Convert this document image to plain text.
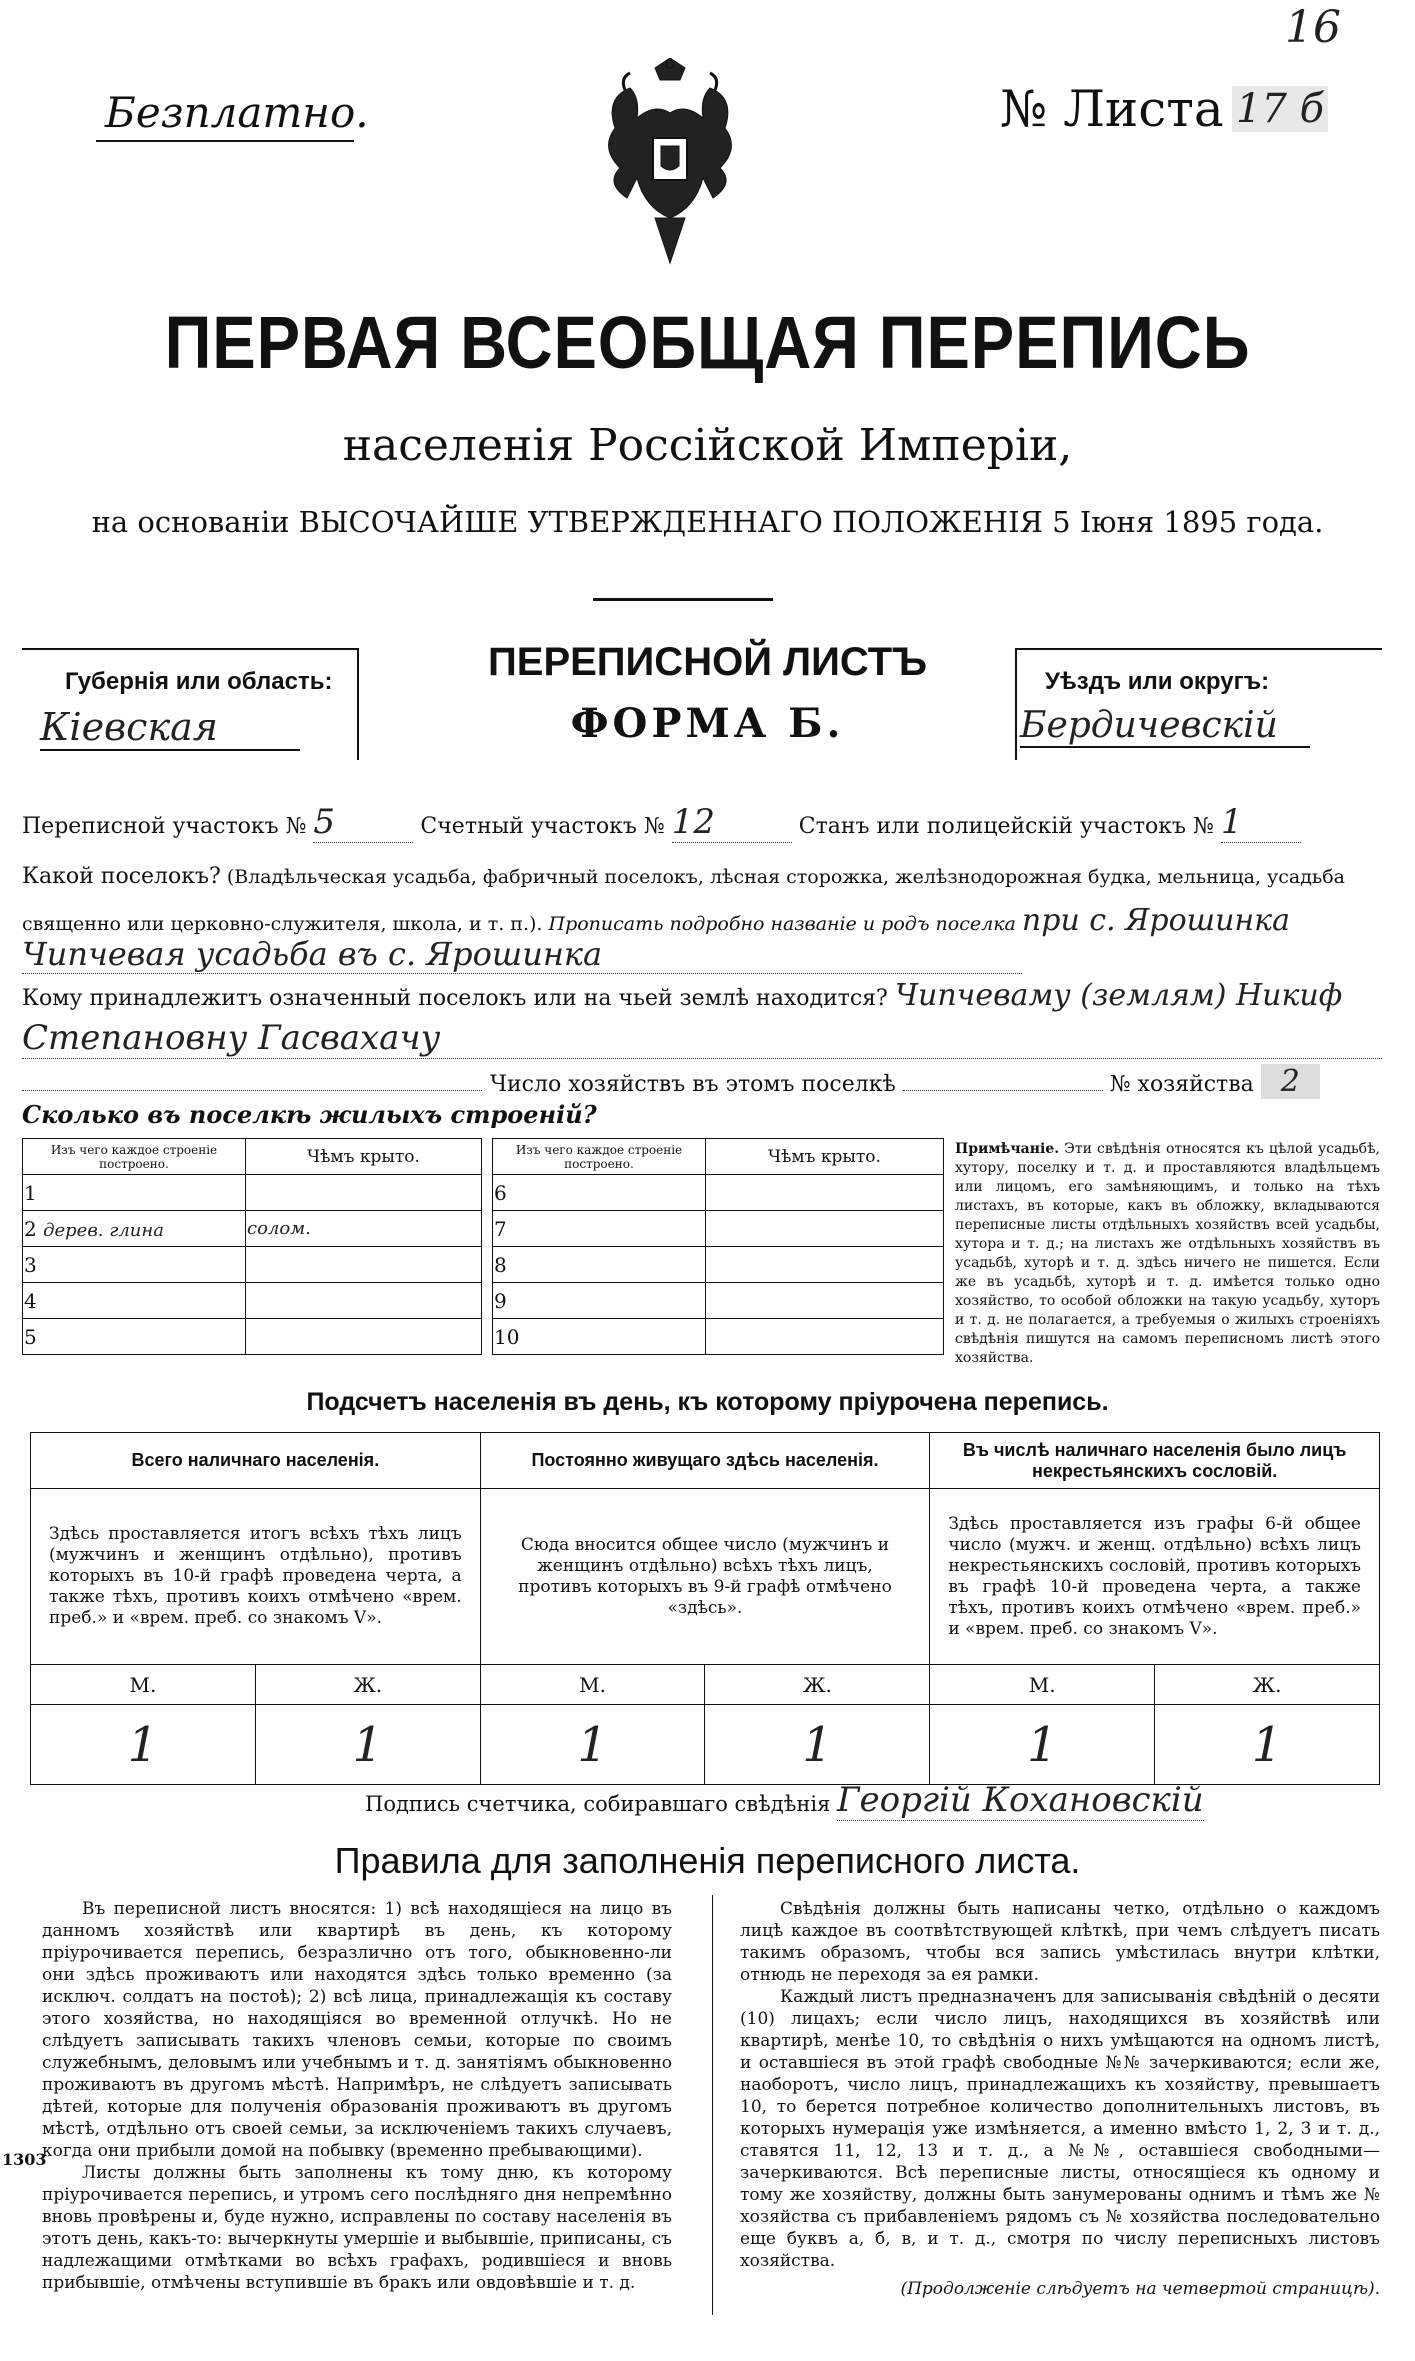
Безплатно.	№ Листа 17 б
16
ПЕРВАЯ ВСЕОБЩАЯ ПЕРЕПИСЬ
населенія Россійской Имперіи,
на основаніи ВЫСОЧАЙШЕ УТВЕРЖДЕННАГО ПОЛОЖЕНІЯ 5 Іюня 1895 года.
Губернія или область:
Кіевская
ПЕРЕПИСНОЙ ЛИСТЪ
ФОРМА Б.
Уѣздъ или округъ:
Бердичевскій
Переписной участокъ № 5	Счетный участокъ № 12	Станъ или полицейскій участокъ № 1
Какой поселокъ? (Владѣльческая усадьба, фабричный поселокъ, лѣсная сторожка, желѣзнодорожная будка, мельница, усадьба священно или церковно-служителя, школа, и т. п.). Прописать подробно названіе и родъ поселка при с. Ярошинка
Чипчевая усадьба въ с. Ярошинка
Кому принадлежитъ означенный поселокъ или на чьей землѣ находится? Чипчеваму (землям) Никиф
Степановну Гасвахачу
Число хозяйствъ въ этомъ поселкѣ	№ хозяйства 2
Сколько въ поселкѣ жилыхъ строеній?
Изъ чего каждое строеніе построено.	Чѣмъ крыто.
1	
2 дерев. глина	солом.
3	
4	
5	
Изъ чего каждое строеніе построено.	Чѣмъ крыто.
6	
7	
8	
9	
10	
Примѣчаніе. Эти свѣдѣнія относятся къ цѣлой усадьбѣ, хутору, поселку и т. д. и проставляются владѣльцемъ или лицомъ, его замѣняющимъ, и только на тѣхъ листахъ, въ которые, какъ въ обложку, вкладываются переписные листы отдѣльныхъ хозяйствъ всей усадьбы, хутора и т. д.; на листахъ же отдѣльныхъ хозяйствъ въ усадьбѣ, хуторѣ и т. д. здѣсь ничего не пишется. Если же въ усадьбѣ, хуторѣ и т. д. имѣется только одно хозяйство, то особой обложки на такую усадьбу, хуторъ и т. д. не полагается, а требуемыя о жилыхъ строеніяхъ свѣдѣнія пишутся на самомъ переписномъ листѣ этого хозяйства.
Подсчетъ населенія въ день, къ которому пріурочена перепись.
Всего наличнаго населенія.		Постоянно живущаго здѣсь населенія.		Въ числѣ наличнаго населенія было лицъ некрестьянскихъ сословій.	
Здѣсь проставляется итогъ всѣхъ тѣхъ лицъ (мужчинъ и женщинъ отдѣльно), противъ которыхъ въ 10-й графѣ проведена черта, а также тѣхъ, противъ коихъ отмѣчено «врем. преб.» и «врем. преб. со знакомъ V».		Сюда вносится общее число (мужчинъ и женщинъ отдѣльно) всѣхъ тѣхъ лицъ, противъ которыхъ въ 9-й графѣ отмѣчено «здѣсь».		Здѣсь проставляется изъ графы 6-й общее число (мужч. и женщ. отдѣльно) всѣхъ лицъ некрестьянскихъ сословій, противъ которыхъ въ графѣ 10-й проведена черта, а также тѣхъ, противъ коихъ отмѣчено «врем. преб.» и «врем. преб. со знакомъ V».	
М.	Ж.	М.	Ж.	М.	Ж.
1	1	1	1	1	1
Подпись счетчика, собиравшаго свѣдѣнія Георгій Кохановскій
Правила для заполненія переписного листа.

Въ переписной листъ вносятся: 1) всѣ находящіеся на лицо въ данномъ хозяйствѣ или квартирѣ въ день, къ которому пріурочивается перепись, безразлично отъ того, обыкновенно-ли они здѣсь проживаютъ или находятся здѣсь только временно (за исключ. солдатъ на постоѣ); 2) всѣ лица, принадлежащія къ составу этого хозяйства, но находящіяся во временной отлучкѣ. Но не слѣдуетъ записывать такихъ членовъ семьи, которые по своимъ служебнымъ, деловымъ или учебнымъ и т. д. занятіямъ обыкновенно проживаютъ въ другомъ мѣстѣ. Напримѣръ, не слѣдуетъ записывать дѣтей, которые для полученія образованія проживаютъ въ другомъ мѣстѣ, отдѣльно отъ своей семьи, за исключеніемъ такихъ случаевъ, когда они прибыли домой на побывку (временно пребывающими).

Листы должны быть заполнены къ тому дню, къ которому пріурочивается перепись, и утромъ сего послѣдняго дня непремѣнно вновь провѣрены и, буде нужно, исправлены по составу населенія въ этотъ день, какъ-то: вычеркнуты умершіе и выбывшіе, приписаны, съ надлежащими отмѣтками во всѣхъ графахъ, родившіеся и вновь прибывшіе, отмѣчены вступившіе въ бракъ или овдовѣвшіе и т. д.

Свѣдѣнія должны быть написаны четко, отдѣльно о каждомъ лицѣ каждое въ соотвѣтствующей клѣткѣ, при чемъ слѣдуетъ писать такимъ образомъ, чтобы вся запись умѣстилась внутри клѣтки, отнюдь не переходя за ея рамки.

Каждый листъ предназначенъ для записыванія свѣдѣній о десяти (10) лицахъ; если число лицъ, находящихся въ хозяйствѣ или квартирѣ, менѣе 10, то свѣдѣнія о нихъ умѣщаются на одномъ листѣ, и оставшіеся въ этой графѣ свободные №№ зачеркиваются; если же, наоборотъ, число лицъ, принадлежащихъ къ хозяйству, превышаетъ 10, то берется потребное количество дополнительныхъ листовъ, въ которыхъ нумерація уже измѣняется, а именно вмѣсто 1, 2, 3 и т. д., ставятся 11, 12, 13 и т. д., а №№, оставшіеся свободными—зачеркиваются. Всѣ переписные листы, относящіеся къ одному и тому же хозяйству, должны быть занумерованы однимъ и тѣмъ же № хозяйства съ прибавленіемъ рядомъ съ № хозяйства последовательно еще буквъ а, б, в, и т. д., смотря по числу переписныхъ листовъ хозяйства.

(Продолженіе слѣдуетъ на четвертой страницѣ).

1303
